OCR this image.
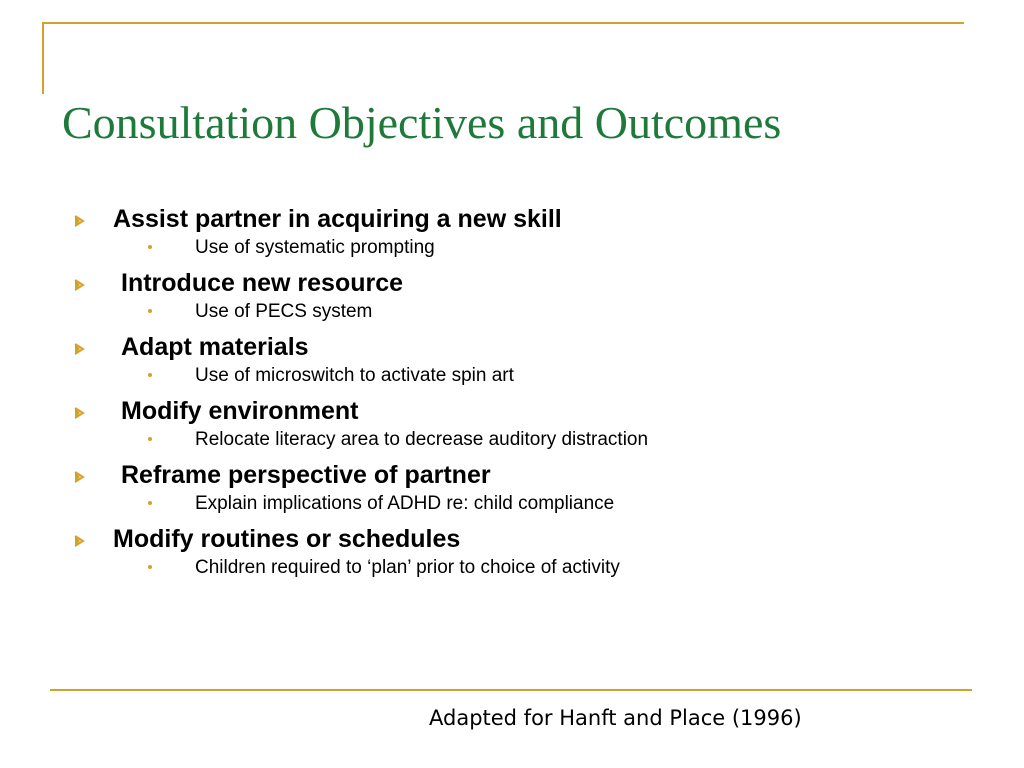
Consultation Objectives and Outcomes

Assist partner in acquiring a new skill

Use of systematic prompting

Introduce new resource

Use of PECS system

Adapt materials

Use of microswitch to activate spin art

Modify environment

Relocate literacy area to decrease auditory distraction

Reframe perspective of partner

Explain implications of ADHD re: child compliance

Modify routines or schedules

Children required to ‘plan’ prior to choice of activity

Adapted for Hanft and Place (1996)
